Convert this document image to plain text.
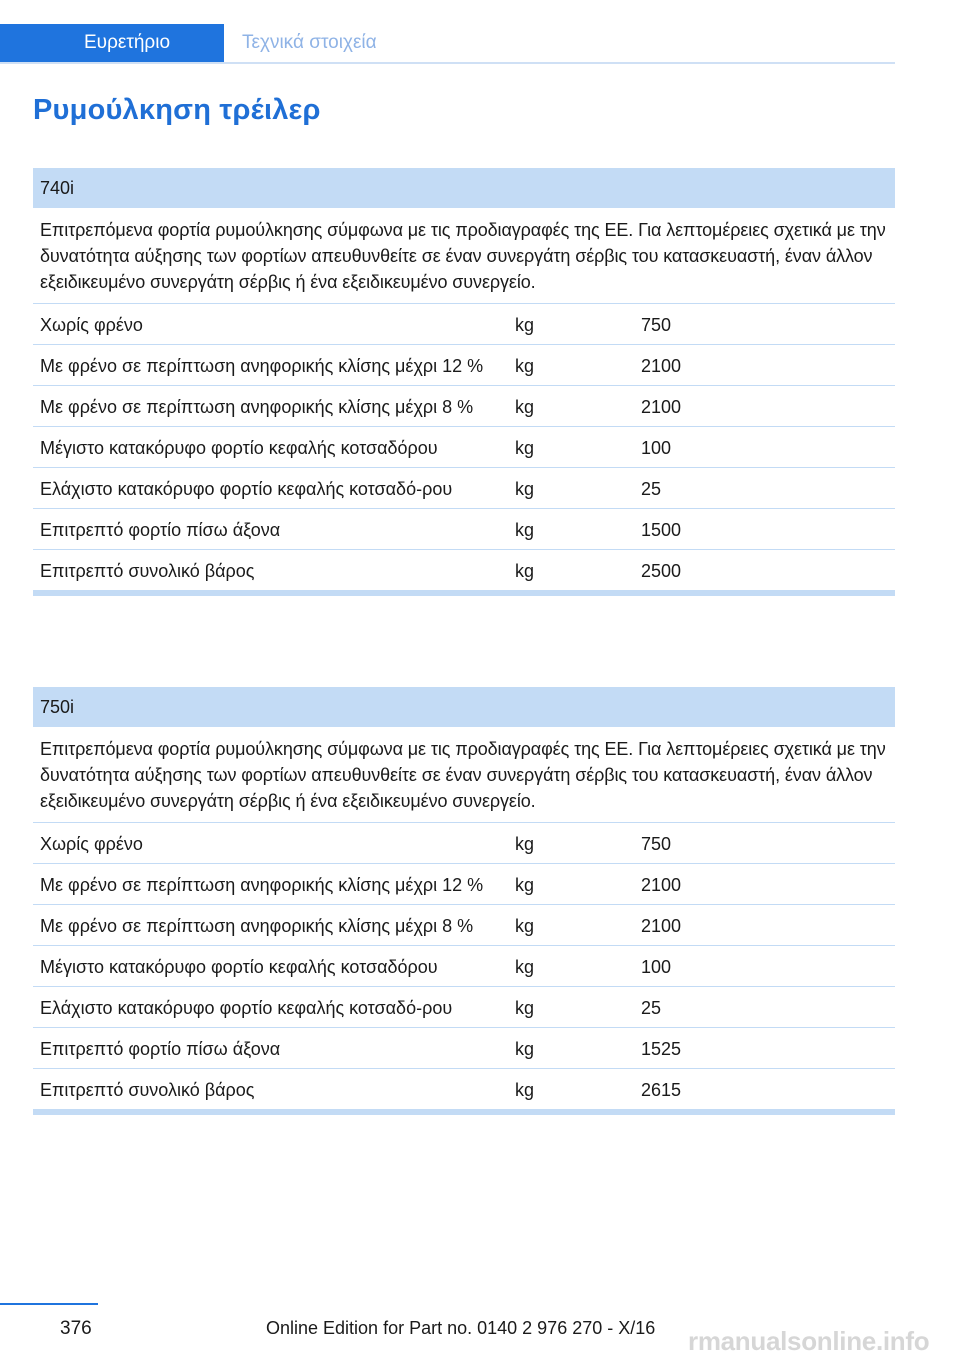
Ευρετήριο	Τεχνικά στοιχεία
Ρυμούλκηση τρέιλερ
740i
Επιτρεπόμενα φορτία ρυμούλκησης σύμφωνα με τις προδιαγραφές της ΕΕ. Για λεπτομέρειες σχετικά με την δυνατότητα αύξησης των φορτίων απευθυνθείτε σε έναν συνεργάτη σέρβις του κατασκευαστή, έναν άλλον εξειδικευμένο συνεργάτη σέρβις ή ένα εξειδικευμένο συνεργείο.
Χωρίς φρένο	kg	750
Με φρένο σε περίπτωση ανηφορικής κλίσης μέχρι 12 %	kg	2100
Με φρένο σε περίπτωση ανηφορικής κλίσης μέχρι 8 %	kg	2100
Μέγιστο κατακόρυφο φορτίο κεφαλής κοτσαδόρου	kg	100
Ελάχιστο κατακόρυφο φορτίο κεφαλής κοτσαδό-ρου	kg	25
Επιτρεπτό φορτίο πίσω άξονα	kg	1500
Επιτρεπτό συνολικό βάρος	kg	2500
750i
Επιτρεπόμενα φορτία ρυμούλκησης σύμφωνα με τις προδιαγραφές της ΕΕ. Για λεπτομέρειες σχετικά με την δυνατότητα αύξησης των φορτίων απευθυνθείτε σε έναν συνεργάτη σέρβις του κατασκευαστή, έναν άλλον εξειδικευμένο συνεργάτη σέρβις ή ένα εξειδικευμένο συνεργείο.
Χωρίς φρένο	kg	750
Με φρένο σε περίπτωση ανηφορικής κλίσης μέχρι 12 %	kg	2100
Με φρένο σε περίπτωση ανηφορικής κλίσης μέχρι 8 %	kg	2100
Μέγιστο κατακόρυφο φορτίο κεφαλής κοτσαδόρου	kg	100
Ελάχιστο κατακόρυφο φορτίο κεφαλής κοτσαδό-ρου	kg	25
Επιτρεπτό φορτίο πίσω άξονα	kg	1525
Επιτρεπτό συνολικό βάρος	kg	2615
376	Online Edition for Part no. 0140 2 976 270 - X/16 rmanualsonline.info
